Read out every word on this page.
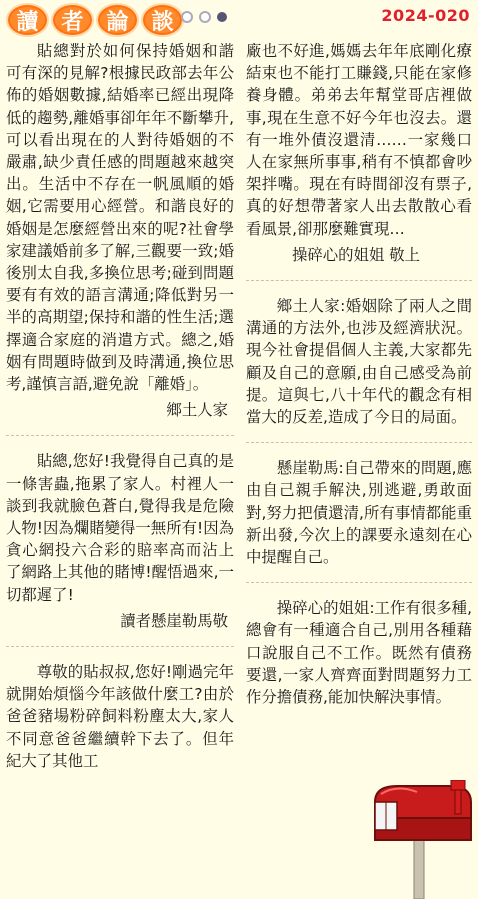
讀	者	論	談	2024-020

貼總對於如何保持婚姻和諧可有深的見解?根據民政部去年公佈的婚姻數據,結婚率已經出現降低的趨勢,離婚事卻年年不斷攀升,可以看出現在的人對待婚姻的不嚴肅,缺少責任感的問題越來越突出。生活中不存在一帆風順的婚姻,它需要用心經營。和諧良好的婚姻是怎麼經營出來的呢?社會學家建議婚前多了解,三觀要一致;婚後別太自我,多換位思考;碰到問題要有有效的語言溝通;降低對另一半的高期望;保持和諧的性生活;選擇適合家庭的消遣方式。總之,婚姻有問題時做到及時溝通,換位思考,謹慎言語,避免說「離婚」。

鄉土人家

貼總,您好!我覺得自己真的是一條害蟲,拖累了家人。村裡人一談到我就臉色蒼白,覺得我是危險人物!因為爛賭變得一無所有!因為貪心網投六合彩的賠率高而沾上了網路上其他的賭博!醒悟過來,一切都遲了!

讀者懸崖勒馬敬

尊敬的貼叔叔,您好!剛過完年就開始煩惱今年該做什麼工?由於爸爸豬場粉碎飼料粉塵太大,家人不同意爸爸繼續幹下去了。但年紀大了其他工

廠也不好進,媽媽去年年底剛化療結束也不能打工賺錢,只能在家修養身體。弟弟去年幫堂哥店裡做事,現在生意不好今年也沒去。還有一堆外債沒還清……一家幾口人在家無所事事,稍有不慎都會吵架拌嘴。現在有時間卻沒有票子,真的好想帶著家人出去散散心看看風景,卻那麼難實現…

操碎心的姐姐 敬上

鄉土人家:婚姻除了兩人之間溝通的方法外,也涉及經濟狀況。現今社會提倡個人主義,大家都先顧及自己的意願,由自己感受為前提。這與七,八十年代的觀念有相當大的反差,造成了今日的局面。

懸崖勒馬:自己帶來的問題,應由自己親手解決,別逃避,勇敢面對,努力把債還清,所有事情都能重新出發,今次上的課要永遠刻在心中提醒自己。

操碎心的姐姐:工作有很多種,總會有一種適合自己,別用各種藉口說服自己不工作。既然有債務要還,一家人齊齊面對問題努力工作分擔債務,能加快解決事情。
